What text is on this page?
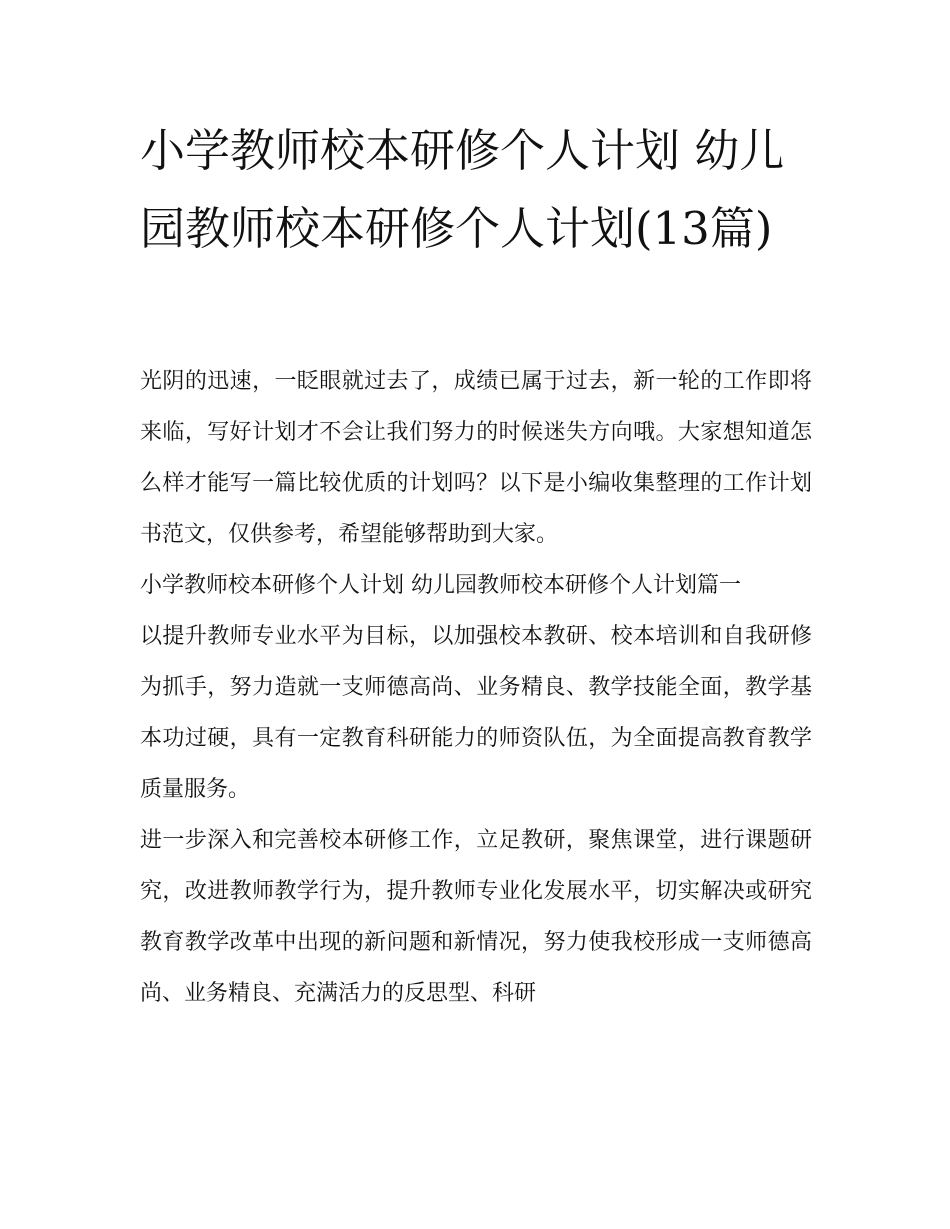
小学教师校本研修个人计划 幼儿园教师校本研修个人计划(13篇)

光阴的迅速，一眨眼就过去了，成绩已属于过去，新一轮的工作即将来临，写好计划才不会让我们努力的时候迷失方向哦。大家想知道怎么样才能写一篇比较优质的计划吗？以下是小编收集整理的工作计划书范文，仅供参考，希望能够帮助到大家。

小学教师校本研修个人计划 幼儿园教师校本研修个人计划篇一

以提升教师专业水平为目标，以加强校本教研、校本培训和自我研修为抓手，努力造就一支师德高尚、业务精良、教学技能全面，教学基本功过硬，具有一定教育科研能力的师资队伍，为全面提高教育教学质量服务。

进一步深入和完善校本研修工作，立足教研，聚焦课堂，进行课题研究，改进教师教学行为，提升教师专业化发展水平，切实解决或研究教育教学改革中出现的新问题和新情况，努力使我校形成一支师德高尚、业务精良、充满活力的反思型、科研
